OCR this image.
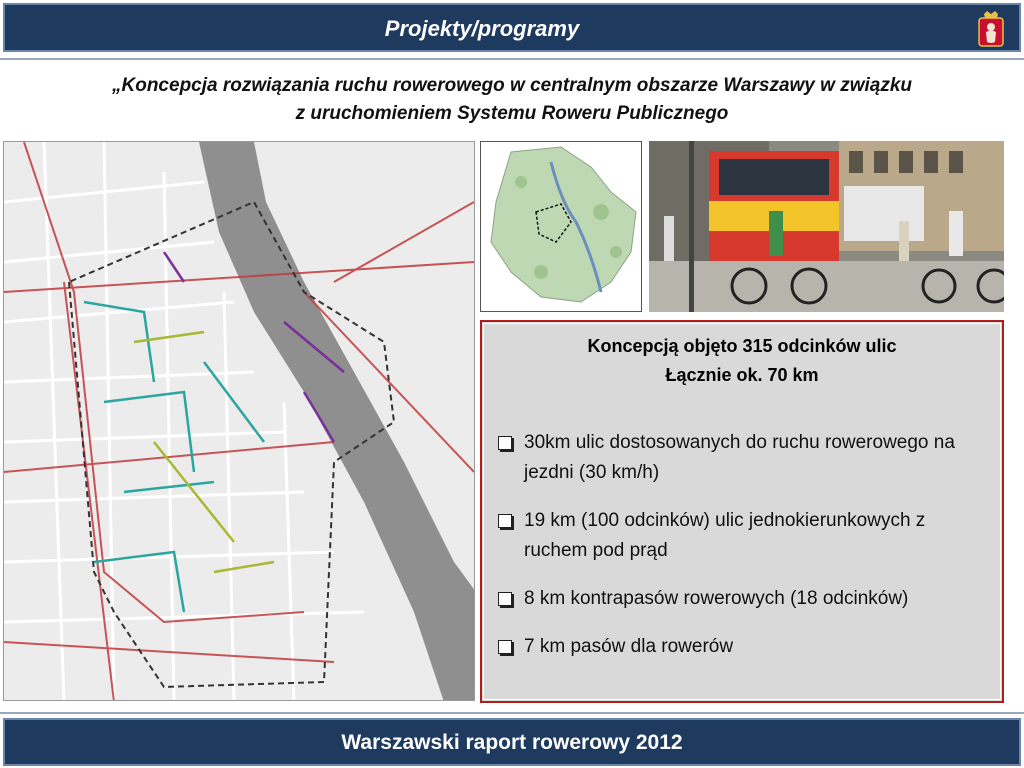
Projekty/programy
„Koncepcja rozwiązania ruchu rowerowego w centralnym obszarze Warszawy w związku
z uruchomieniem Systemu Roweru Publicznego
Koncepcją objęto 315 odcinków ulic
Łącznie ok. 70 km
30km ulic dostosowanych do ruchu rowerowego na jezdni (30 km/h)
19 km (100 odcinków) ulic jednokierunkowych z ruchem pod prąd
8 km kontrapasów rowerowych (18 odcinków)
7 km pasów dla rowerów
Warszawski raport rowerowy 2012
